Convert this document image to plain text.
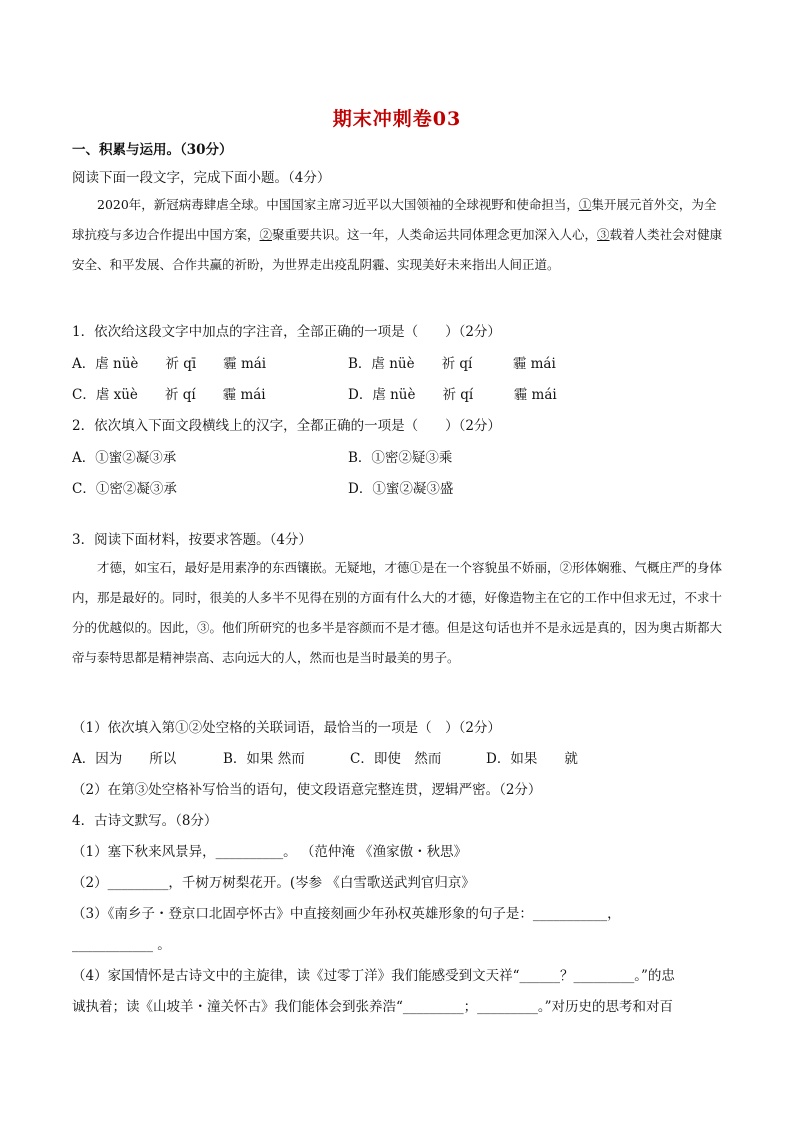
期末冲刺卷03
一、积累与运用。（30分）
阅读下面一段文字，完成下面小题。（4分）

2020年，新冠病毒肆虐全球。中国国家主席习近平以大国领袖的全球视野和使命担当，①集开展元首外交，为全球抗疫与多边合作提出中国方案，②聚重要共识。这一年，人类命运共同体理念更加深入人心，③载着人类社会对健康安全、和平发展、合作共赢的祈盼，为世界走出疫乱阴霾、实现美好未来指出人间正道。

1．依次给这段文字中加点的字注音，全部正确的一项是（　　）（2分）
A．虐 nüè　　祈 qī　　霾 mái	B．虐 nüè　　祈 qí　　　霾 mái
C．虐 xüè　　祈 qí　　霾 mái	D．虐 nüè　　祈 qí　　　霾 mái
2．依次填入下面文段横线上的汉字，全都正确的一项是（　　）（2分）
A．①蜜②凝③承	B．①密②疑③乘
C．①密②凝③承	D．①蜜②凝③盛
3．阅读下面材料，按要求答题。（4分）

才德，如宝石，最好是用素净的东西镶嵌。无疑地，才德①是在一个容貌虽不娇丽，②形体娴雅、气概庄严的身体内，那是最好的。同时，很美的人多半不见得在别的方面有什么大的才德，好像造物主在它的工作中但求无过，不求十分的优越似的。因此，③。他们所研究的也多半是容颜而不是才德。但是这句话也并不是永远是真的，因为奥古斯都大帝与泰特思都是精神崇高、志向远大的人，然而也是当时最美的男子。

（1）依次填入第①②处空格的关联词语，最恰当的一项是（　）（2分）
A．因为　　所以	B．如果 然而	C．即使　然而	D．如果　　就
（2）在第③处空格补写恰当的语句，使文段语意完整连贯，逻辑严密。（2分）
4．古诗文默写。（8分）
（1）塞下秋来风景异，__________。 （范仲淹 《渔家傲・秋思》
（2）_________，千树万树梨花开。(岑参 《白雪歌送武判官归京》
（3）《南乡子・登京口北固亭怀古》中直接刻画少年孙权英雄形象的句子是：___________，
____________ 。
（4）家国情怀是古诗文中的主旋律，读《过零丁洋》我们能感受到文天祥“______？_________。”的忠
诚执着；读《山坡羊・潼关怀古》我们能体会到张养浩“_________；_________。”对历史的思考和对百
